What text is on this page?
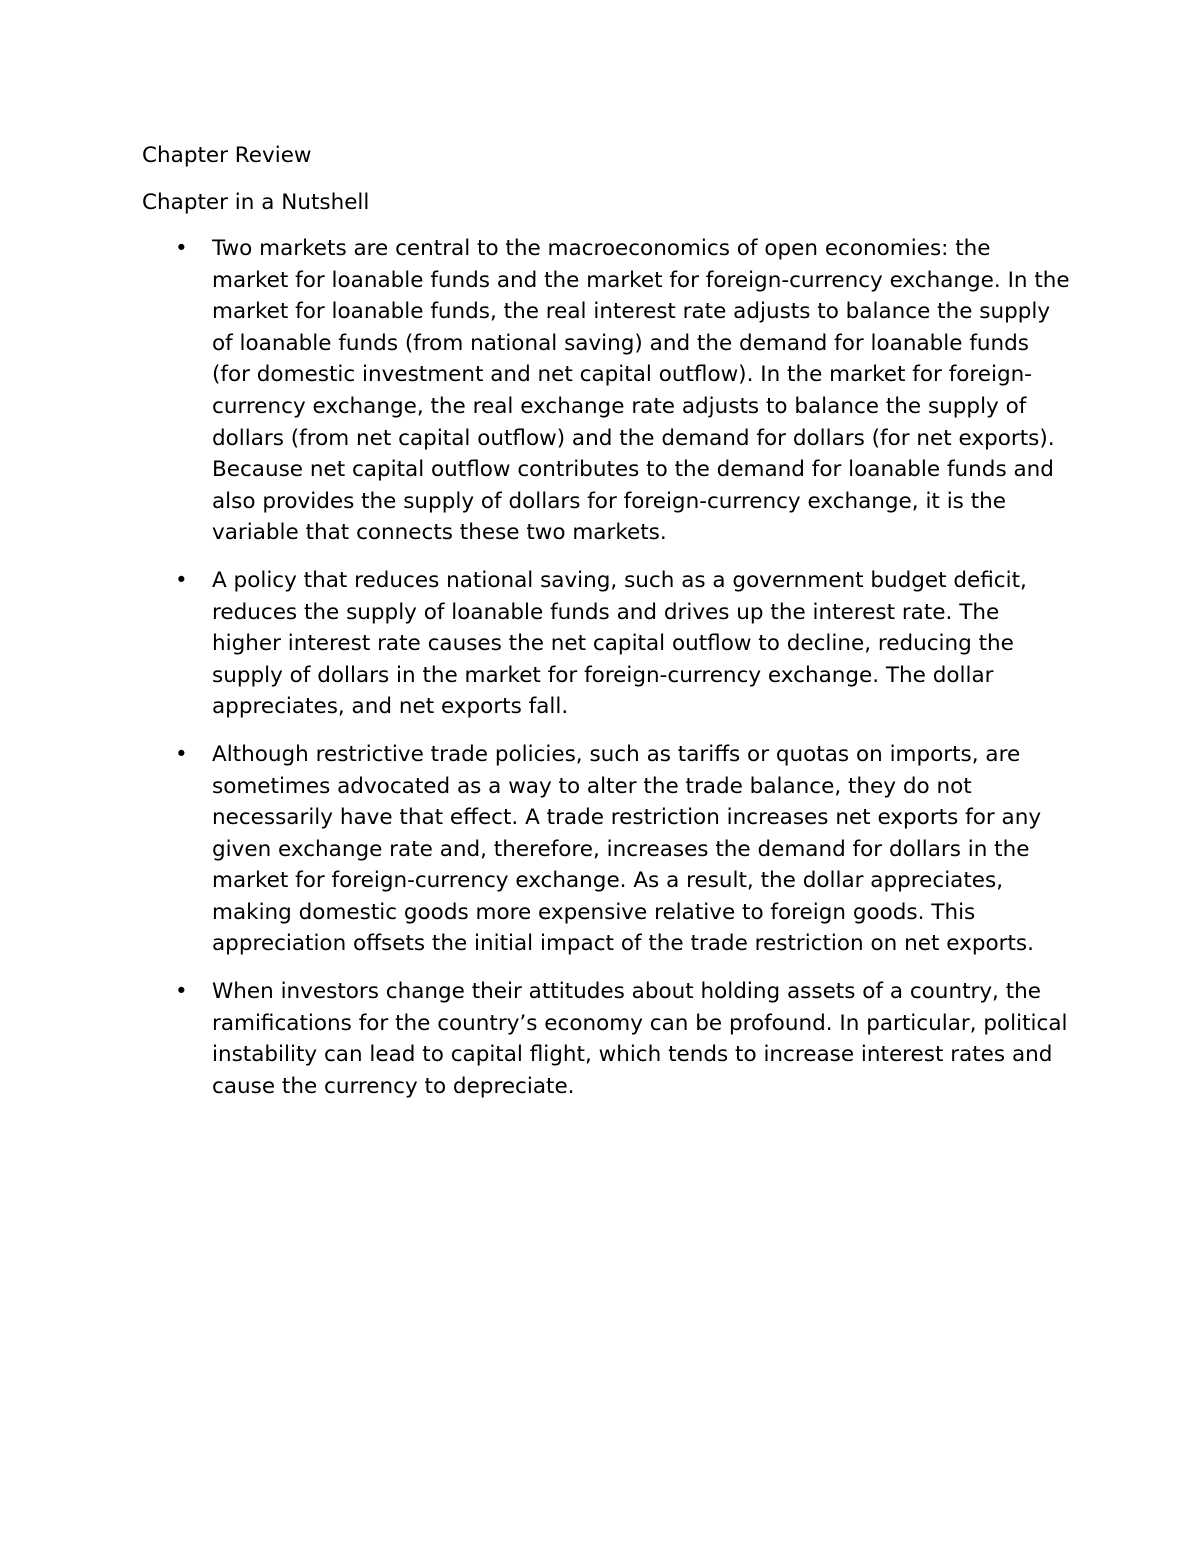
Chapter Review
Chapter in a Nutshell
• Two markets are central to the macroeconomics of open economies: the market for loanable funds and the market for foreign-currency exchange. In the market for loanable funds, the real interest rate adjusts to balance the supply of loanable funds (from national saving) and the demand for loanable funds (for domestic investment and net capital outflow). In the market for foreign-currency exchange, the real exchange rate adjusts to balance the supply of dollars (from net capital outflow) and the demand for dollars (for net exports). Because net capital outflow contributes to the demand for loanable funds and also provides the supply of dollars for foreign-currency exchange, it is the variable that connects these two markets.
• A policy that reduces national saving, such as a government budget deficit, reduces the supply of loanable funds and drives up the interest rate. The higher interest rate causes the net capital outflow to decline, reducing the supply of dollars in the market for foreign-currency exchange. The dollar appreciates, and net exports fall.
• Although restrictive trade policies, such as tariffs or quotas on imports, are sometimes advocated as a way to alter the trade balance, they do not necessarily have that effect. A trade restriction increases net exports for any given exchange rate and, therefore, increases the demand for dollars in the market for foreign-currency exchange. As a result, the dollar appreciates, making domestic goods more expensive relative to foreign goods. This appreciation offsets the initial impact of the trade restriction on net exports.
• When investors change their attitudes about holding assets of a country, the ramifications for the country’s economy can be profound. In particular, political instability can lead to capital flight, which tends to increase interest rates and cause the currency to depreciate.
